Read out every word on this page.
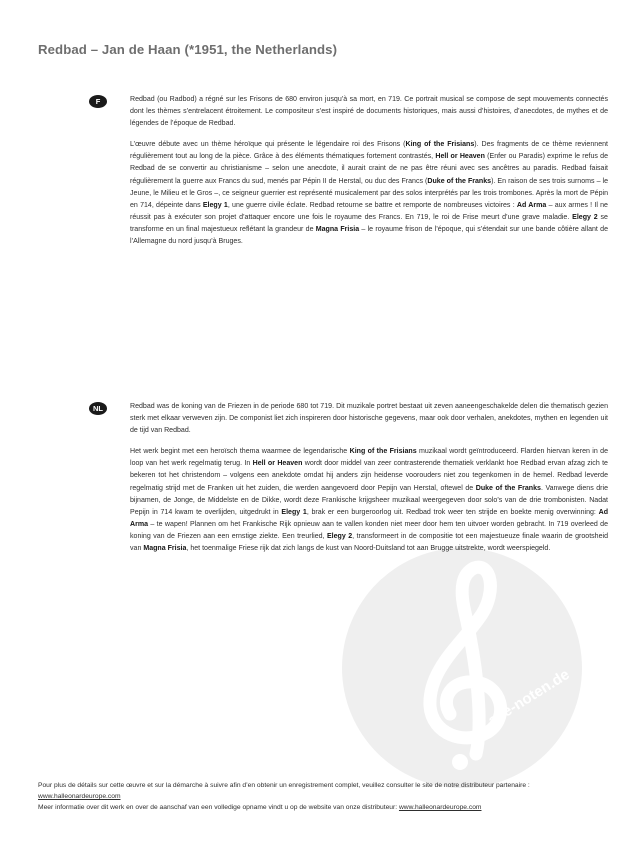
Redbad – Jan de Haan (*1951, the Netherlands)
alle-noten.de
F	Redbad (ou Radbod) a régné sur les Frisons de 680 environ jusqu’à sa mort, en 719. Ce portrait musical se compose de sept mouvements connectés dont les thèmes s’entrelacent étroitement. Le compositeur s’est inspiré de documents historiques, mais aussi d’histoires, d’anecdotes, de mythes et de légendes de l’époque de Redbad.

L’œuvre débute avec un thème héroïque qui présente le légendaire roi des Frisons (King of the Frisians). Des fragments de ce thème reviennent régulièrement tout au long de la pièce. Grâce à des éléments thématiques fortement contrastés, Hell or Heaven (Enfer ou Paradis) exprime le refus de Redbad de se convertir au christianisme – selon une anecdote, il aurait craint de ne pas être réuni avec ses ancêtres au paradis. Redbad faisait régulièrement la guerre aux Francs du sud, menés par Pépin II de Herstal, ou duc des Francs (Duke of the Franks). En raison de ses trois surnoms – le Jeune, le Milieu et le Gros –, ce seigneur guerrier est représenté musicalement par des solos interprétés par les trois trombones. Après la mort de Pépin en 714, dépeinte dans Elegy 1, une guerre civile éclate. Redbad retourne se battre et remporte de nombreuses victoires : Ad Arma – aux armes ! Il ne réussit pas à exécuter son projet d’attaquer encore une fois le royaume des Francs. En 719, le roi de Frise meurt d’une grave maladie. Elegy 2 se transforme en un final majestueux reflétant la grandeur de Magna Frisia – le royaume frison de l’époque, qui s’étendait sur une bande côtière allant de l’Allemagne du nord jusqu’à Bruges.

NL	Redbad was de koning van de Friezen in de periode 680 tot 719. Dit muzikale portret bestaat uit zeven aaneengeschakelde delen die thematisch gezien sterk met elkaar verweven zijn. De componist liet zich inspireren door historische gegevens, maar ook door verhalen, anekdotes, mythen en legenden uit de tijd van Redbad.

Het werk begint met een heroïsch thema waarmee de legendarische King of the Frisians muzikaal wordt geïntroduceerd. Flarden hiervan keren in de loop van het werk regelmatig terug. In Hell or Heaven wordt door middel van zeer contrasterende thematiek verklankt hoe Redbad ervan afzag zich te bekeren tot het christendom – volgens een anekdote omdat hij anders zijn heidense voorouders niet zou tegenkomen in de hemel. Redbad leverde regelmatig strijd met de Franken uit het zuiden, die werden aangevoerd door Pepijn van Herstal, oftewel de Duke of the Franks. Vanwege diens drie bijnamen, de Jonge, de Middelste en de Dikke, wordt deze Frankische krijgsheer muzikaal weergegeven door solo’s van de drie trombonisten. Nadat Pepijn in 714 kwam te overlijden, uitgedrukt in Elegy 1, brak er een burgeroorlog uit. Redbad trok weer ten strijde en boekte menig overwinning: Ad Arma – te wapen! Plannen om het Frankische Rijk opnieuw aan te vallen konden niet meer door hem ten uitvoer worden gebracht. In 719 overleed de koning van de Friezen aan een ernstige ziekte. Een treurlied, Elegy 2, transformeert in de compositie tot een majestueuze finale waarin de grootsheid van Magna Frisia, het toenmalige Friese rijk dat zich langs de kust van Noord-Duitsland tot aan Brugge uitstrekte, wordt weerspiegeld.

Pour plus de détails sur cette œuvre et sur la démarche à suivre afin d’en obtenir un enregistrement complet, veuillez consulter le site de notre distributeur partenaire : www.halleonardeurope.com

Meer informatie over dit werk en over de aanschaf van een volledige opname vindt u op de website van onze distributeur: www.halleonardeurope.com
